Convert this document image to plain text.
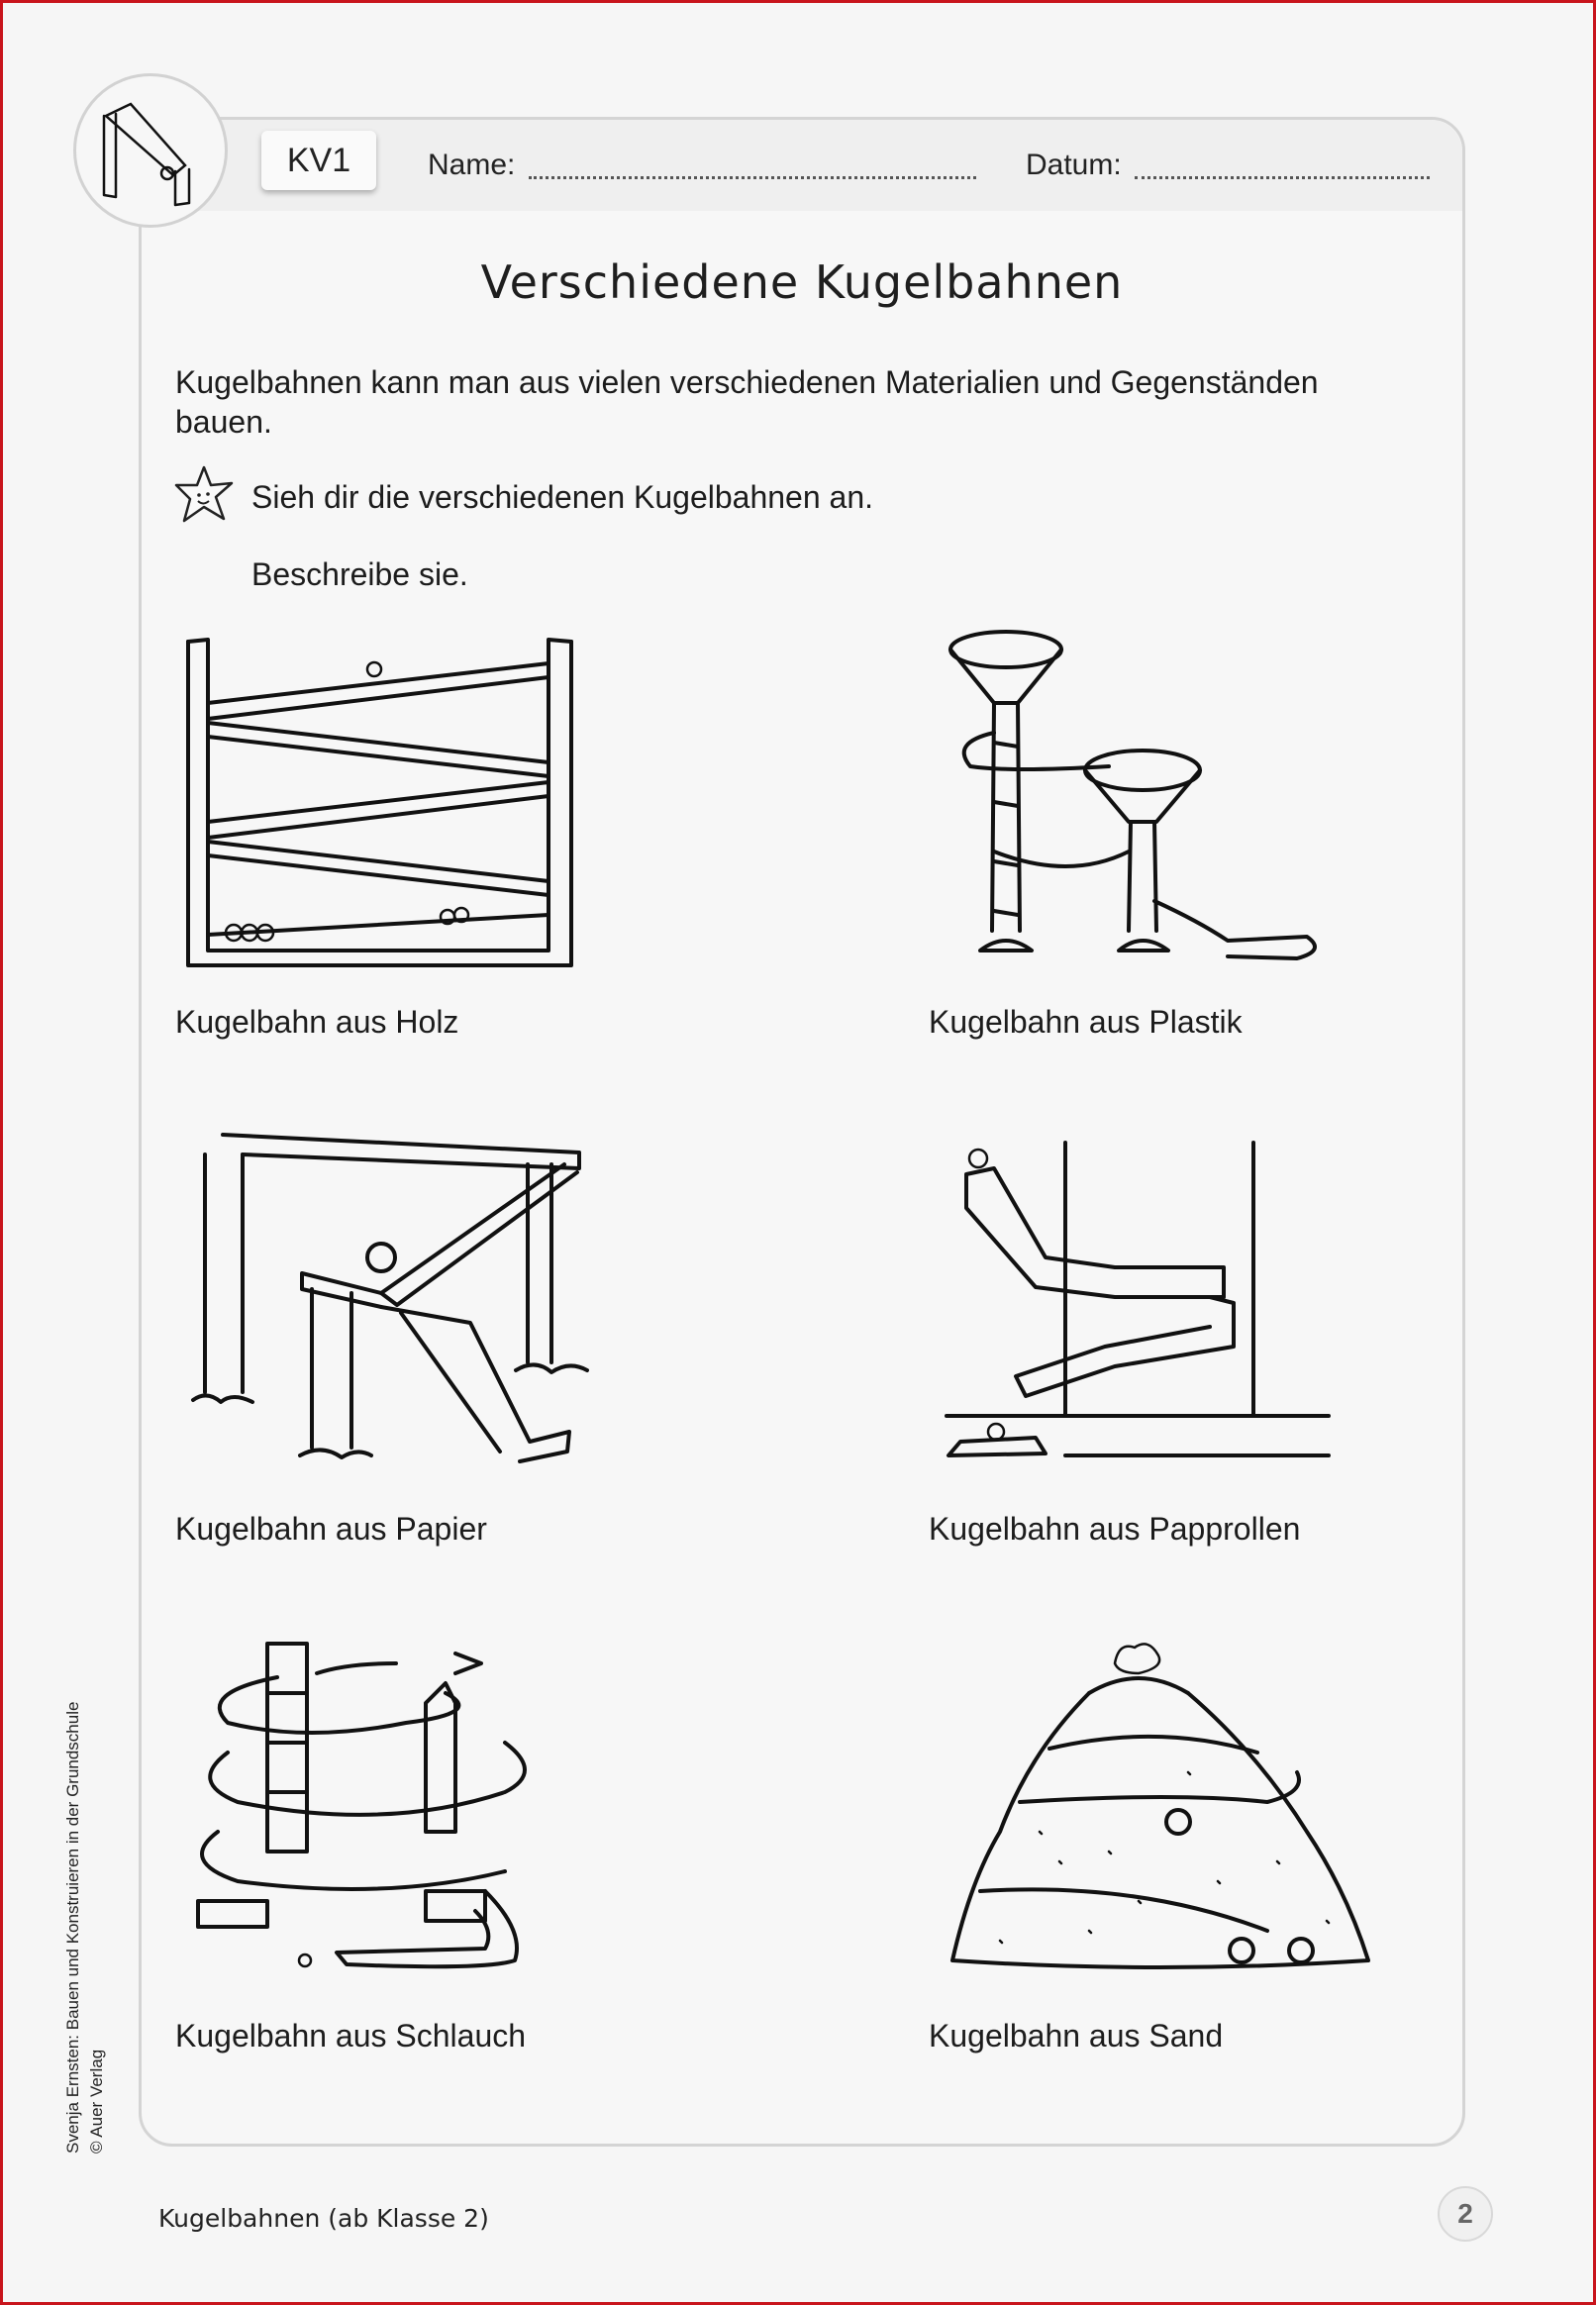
KV1	Name:	Datum:
Verschiedene Kugelbahnen
Kugelbahnen kann man aus vielen verschiedenen Materialien und Gegenständen bauen.
Sieh dir die verschiedenen Kugelbahnen an.
Beschreibe sie.
Kugelbahn aus Holz	Kugelbahn aus Plastik
Kugelbahn aus Papier	Kugelbahn aus Papprollen
Kugelbahn aus Schlauch	Kugelbahn aus Sand
Kugelbahnen (ab Klasse 2)	2
Svenja Ernsten: Bauen und Konstruieren in der Grundschule © Auer Verlag
